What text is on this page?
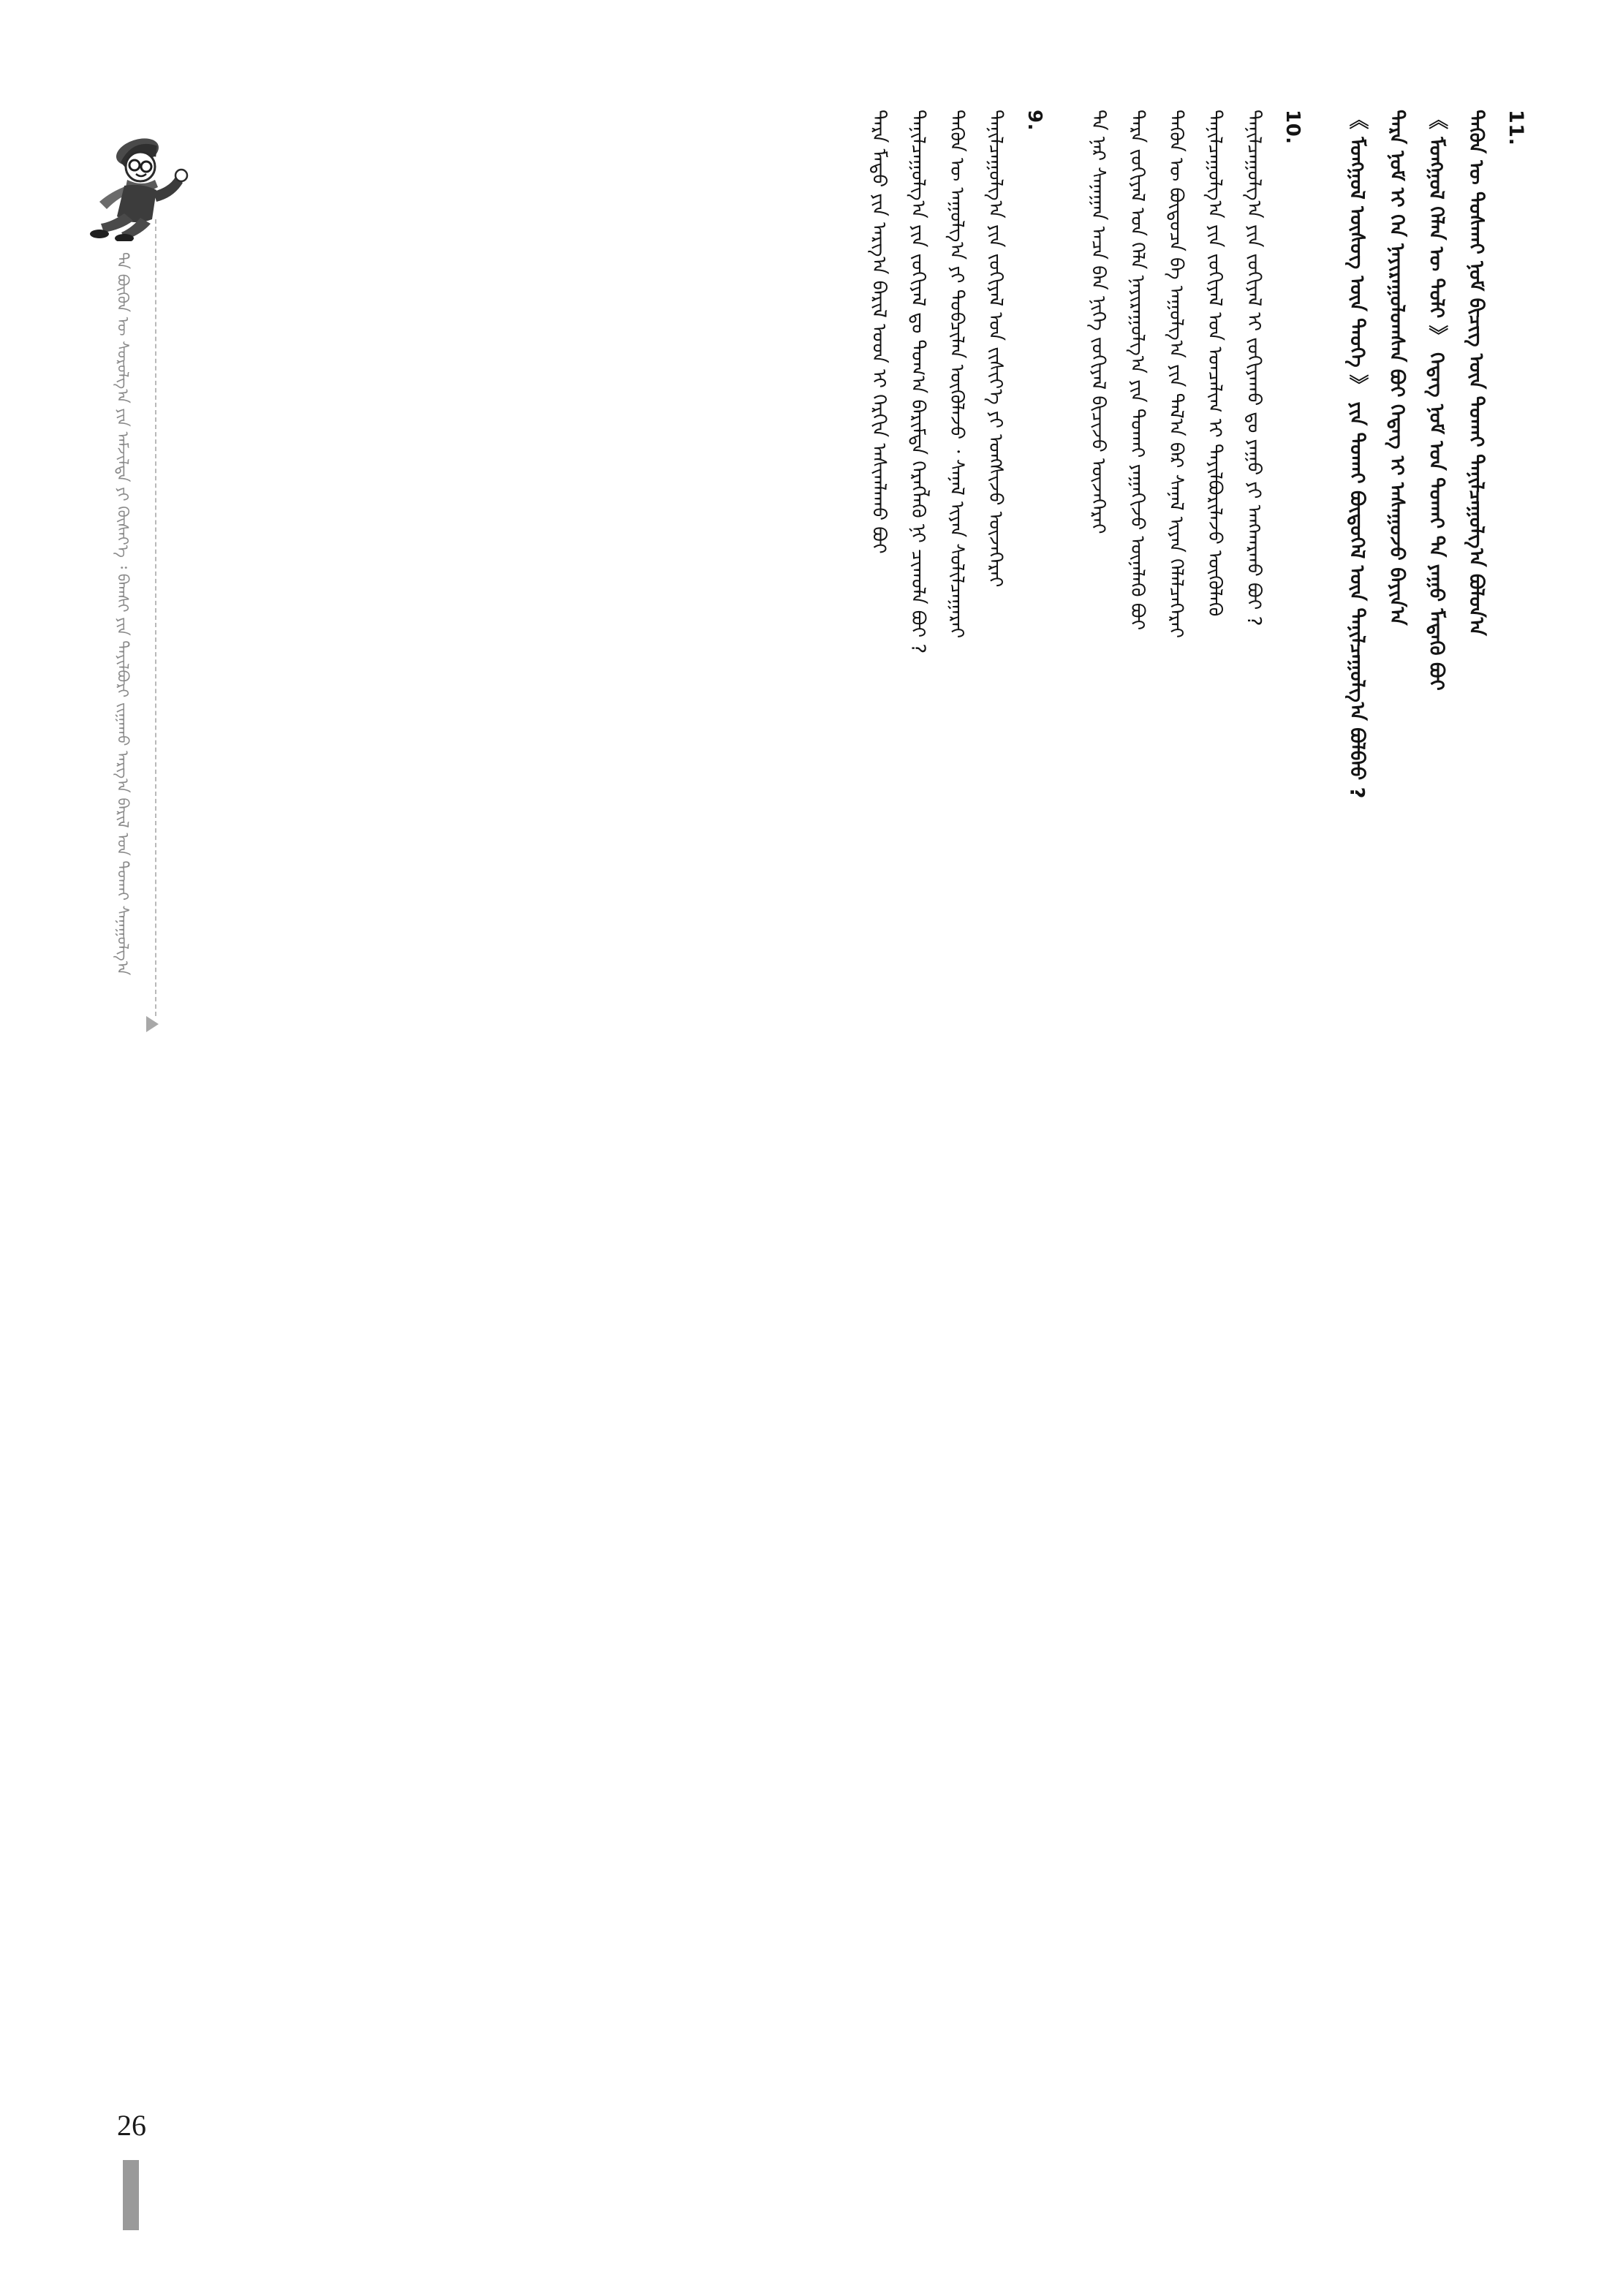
ᠲᠠ ᠪᠦᠬᠦᠨ ᠦ ᠰᠤᠷᠤᠯᠭ᠎ᠠ ᠶᠢᠨ ᠠᠮᠵᠢᠯᠲᠠ ᠶᠢ ᠬᠦᠰᠡᠶ᠎ᠡ ᠄ ᠪᠠᠭᠰᠢ ᠶᠢᠨ ᠲᠠᠶᠢᠯᠪᠤᠷᠢ ᠵᠢᠭᠠᠬᠤ ᠠᠷᠭ᠎ᠠ ᠪᠠᠷᠢᠯ ᠤᠨ ᠲᠤᠬᠠᠢ ᠰᠠᠨᠠᠭᠤᠯᠭ᠎ᠠ
11.
ᠲᠡᠭᠦᠨ ᠦ ᠲᠤᠰᠬᠠᠢ ᠨᠤᠮ ᠪᠢᠴᠢᠭ᠌ ᠦᠨ ᠲᠤᠬᠠᠢ ᠲᠠᠨᠢᠯᠴᠠᠭᠤᠯᠭ᠎ᠠ ᠪᠣᠯᠤᠨ᠎ᠠ
《 ᠮᠣᠩᠭᠤᠯ ᠬᠡᠯᠡᠨ ᠦ ᠲᠣᠯᠢ 》 ᠭᠡᠳᠡᠭ ᠨᠣᠮ ᠤᠨ ᠲᠤᠬᠠᠢ ᠲᠠ ᠶᠠᠭᠤ ᠮᠡᠳᠡᠬᠦ ᠪᠤᠢ
ᠲᠡᠷᠡ ᠨᠣᠮ ᠢ ᠬᠡᠨ ᠨᠠᠶᠢᠷᠠᠭᠤᠯᠤᠭᠰᠠᠨ ᠪᠤᠢ ᠭᠡᠳᠡᠭ ᠢ ᠠᠰᠠᠭᠤᠵᠤ ᠪᠠᠶᠢᠨ᠎ᠠ
《 ᠮᠣᠩᠭᠤᠯ ᠦᠰᠦᠭ ᠦᠨ ᠲᠡᠦᠬᠡ 》 ᠶᠢᠨ ᠲᠤᠬᠠᠢ ᠪᠦᠲᠦᠭᠡᠯ ᠦᠨ ᠲᠠᠨᠢᠯᠴᠠᠭᠤᠯᠭ᠎ᠠ ᠪᠤᠯᠪᠠᠤ ?
10.
ᠲᠠᠨᠢᠯᠴᠠᠭᠤᠯᠭ᠎ᠠ ᠶᠢᠨ ᠵᠣᠬᠢᠶᠠᠯ ᠢ ᠵᠣᠬᠢᠶᠠᠬᠤ ᠳᠤ ᠶᠠᠭᠤ ᠶᠢ ᠠᠩᠬᠠᠷᠬᠤ ᠪᠤᠢ ?
ᠲᠠᠨᠢᠯᠴᠠᠭᠤᠯᠭ᠎ᠠ ᠶᠢᠨ ᠵᠣᠬᠢᠶᠠᠯ ᠤᠨ ᠤᠨᠴᠠᠯᠢᠭ ᠢ ᠲᠠᠶᠢᠯᠪᠤᠷᠢᠯᠠᠵᠤ ᠦᠭᠦᠯᠡᠬᠦ
ᠲᠡᠭᠦᠨ ᠦ ᠪᠦᠲᠦᠴᠡ ᠪᠠ ᠠᠭᠤᠯᠭ᠎ᠠ ᠶᠢᠨ ᠲᠠᠯ᠎ᠠ ᠪᠠᠷ ᠰᠠᠨᠠᠯ ᠢᠶᠠᠨ ᠬᠡᠯᠡᠯᠴᠡᠭᠡᠷᠡᠢ
ᠲᠡᠷᠡ ᠵᠣᠬᠢᠶᠠᠯ ᠤᠨ ᠬᠡᠯᠡ ᠨᠠᠶᠢᠷᠠᠭᠤᠯᠭ᠎ᠠ ᠶᠢᠨ ᠲᠤᠬᠠᠢ ᠶᠠᠭᠠᠬᠢᠵᠤ ᠦᠨᠡᠯᠡᠬᠦ ᠪᠤᠢ
ᠲᠠ ᠨᠠᠷ ᠰᠠᠨᠠᠭᠠᠨ ᠠᠴᠠ ᠪᠠᠨ ᠨᠢᠭᠡ ᠵᠣᠬᠢᠶᠠᠯ ᠪᠢᠴᠢᠵᠦ ᠦᠵᠡᠭᠡᠷᠡᠢ
9.
ᠲᠠᠨᠢᠯᠴᠠᠭᠤᠯᠭ᠎ᠠ ᠶᠢᠨ ᠵᠣᠬᠢᠶᠠᠯ ᠤᠨ ᠵᠢᠱᠢᠶ᠎ᠡ ᠶᠢ ᠤᠩᠰᠢᠵᠤ ᠦᠵᠡᠭᠡᠷᠡᠢ
ᠲᠡᠭᠦᠨ ᠦ ᠠᠭᠤᠯᠭ᠎ᠠ ᠶᠢ ᠲᠣᠪᠴᠢᠯᠠᠨ ᠦᠭᠦᠯᠡᠵᠦ ᠂ ᠰᠠᠨᠠᠯ ᠢᠶᠠᠨ ᠰᠣᠯᠢᠯᠴᠠᠭᠠᠷᠠᠢ
ᠲᠠᠨᠢᠯᠴᠠᠭᠤᠯᠭ᠎ᠠ ᠶᠢᠨ ᠵᠣᠬᠢᠶᠠᠯ ᠳᠤ ᠲᠣᠭ᠎ᠠ ᠪᠠᠷᠢᠮᠲᠠ ᠬᠡᠷᠡᠭᠯᠡᠬᠦ ᠨᠢ ᠴᠢᠬᠤᠯᠠ ᠪᠤᠢ ?
ᠲᠡᠷᠡ ᠮᠡᠲᠦ ᠶᠢᠨ ᠠᠷᠭ᠎ᠠ ᠪᠠᠷᠢᠯ ᠤᠳ ᠢ ᠬᠡᠷᠬᠢᠨ ᠠᠰᠢᠭᠯᠠᠬᠤ ᠪᠤᠢ
26
